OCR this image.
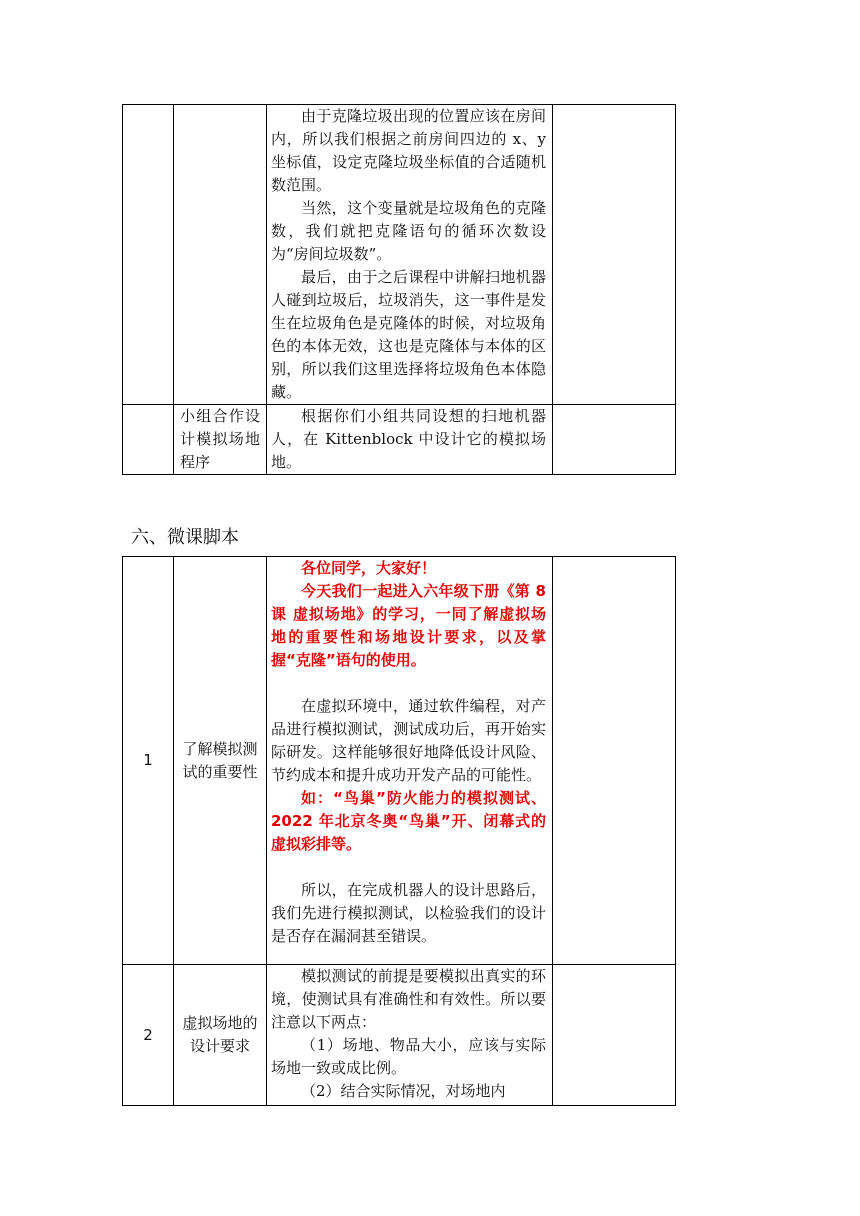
		由于克隆垃圾出现的位置应该在房间内，所以我们根据之前房间四边的 x、y 坐标值，设定克隆垃圾坐标值的合适随机数范围。

当然，这个变量就是垃圾角色的克隆数，我们就把克隆语句的循环次数设为“房间垃圾数”。

最后，由于之后课程中讲解扫地机器人碰到垃圾后，垃圾消失，这一事件是发生在垃圾角色是克隆体的时候，对垃圾角色的本体无效，这也是克隆体与本体的区别，所以我们这里选择将垃圾角色本体隐藏。	

	小组合作设计模拟场地程序	根据你们小组共同设想的扫地机器人，在 Kittenblock 中设计它的模拟场地。	

六、微课脚本
1	了解模拟测试的重要性	各位同学，大家好！

今天我们一起进入六年级下册《第 8 课 虚拟场地》的学习，一同了解虚拟场地的重要性和场地设计要求，以及掌握“克隆”语句的使用。

在虚拟环境中，通过软件编程，对产品进行模拟测试，测试成功后，再开始实际研发。这样能够很好地降低设计风险、节约成本和提升成功开发产品的可能性。

如：“鸟巢”防火能力的模拟测试、2022 年北京冬奥“鸟巢”开、闭幕式的虚拟彩排等。

所以，在完成机器人的设计思路后，我们先进行模拟测试，以检验我们的设计是否存在漏洞甚至错误。	

2	虚拟场地的设计要求	模拟测试的前提是要模拟出真实的环境，使测试具有准确性和有效性。所以要注意以下两点：

（1）场地、物品大小，应该与实际场地一致或成比例。

（2）结合实际情况，对场地内	
